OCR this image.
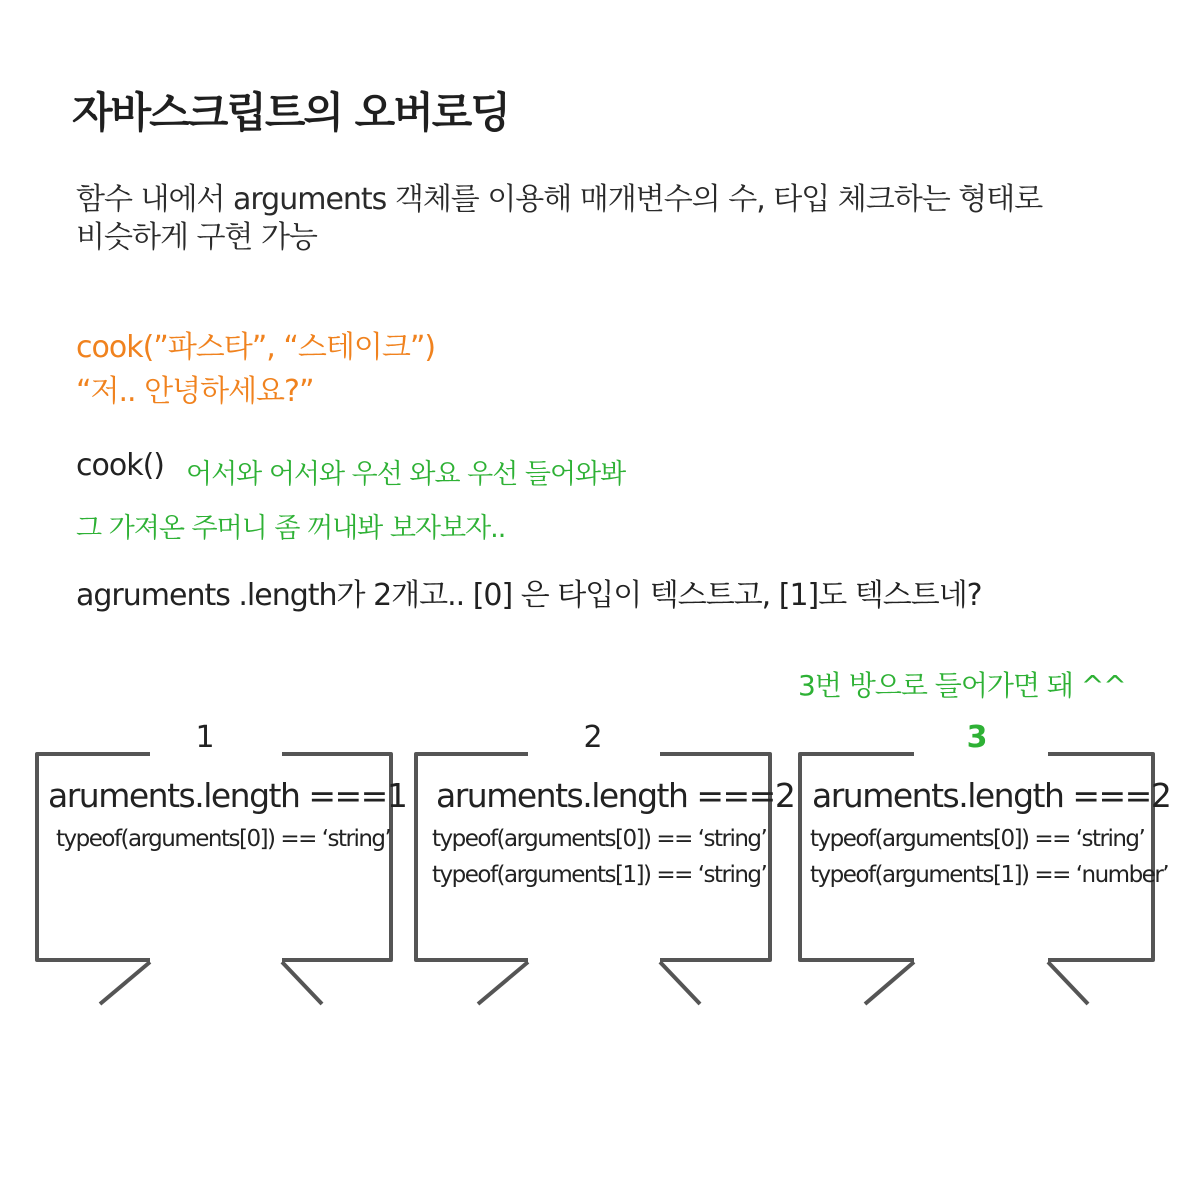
자바스크립트의 오버로딩
함수 내에서 arguments 객체를 이용해 매개변수의 수, 타입 체크하는 형태로
비슷하게 구현 가능
cook(”파스타”, “스테이크”)
“저.. 안녕하세요?”
cook() 어서와 어서와 우선 와요 우선 들어와봐
그 가져온 주머니 좀 꺼내봐 보자보자..
agruments .length가 2개고.. [0] 은 타입이 텍스트고, [1]도 텍스트네?
3번 방으로 들어가면 돼 ^^
1
aruments.length ===1
typeof(arguments[0]) == ‘string’
2
aruments.length ===2
typeof(arguments[0]) == ‘string’
typeof(arguments[1]) == ‘string’
3
aruments.length ===2
typeof(arguments[0]) == ‘string’
typeof(arguments[1]) == ‘number’
